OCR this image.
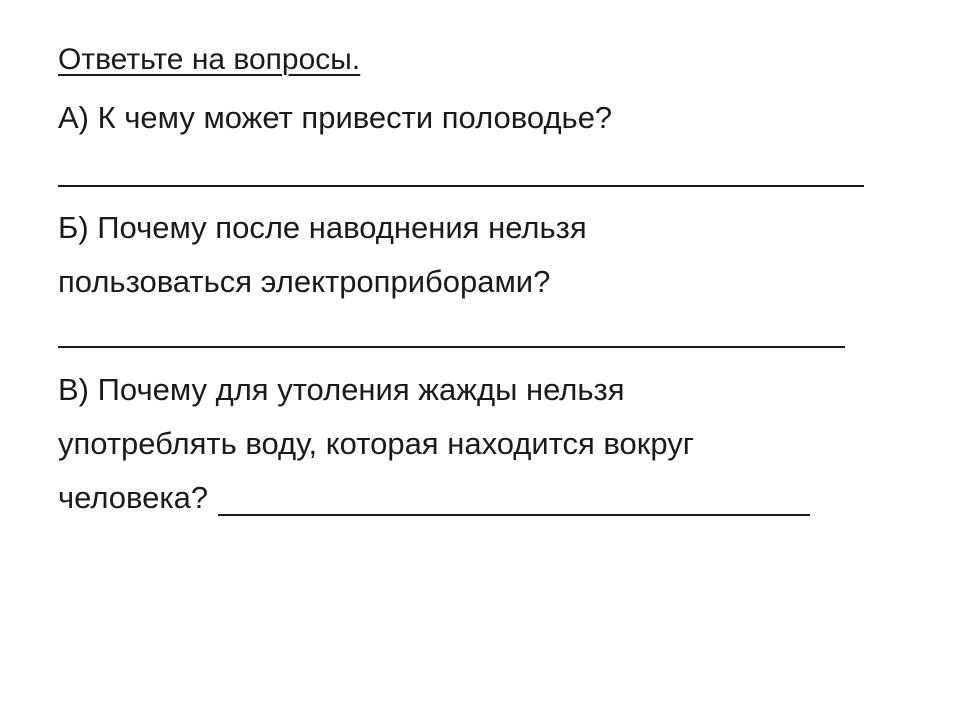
Ответьте на вопросы.
А) К чему может привести половодье?
Б) Почему после наводнения нельзя
пользоваться электроприборами?
В) Почему для утоления жажды нельзя
употреблять воду, которая находится вокруг
человека?
